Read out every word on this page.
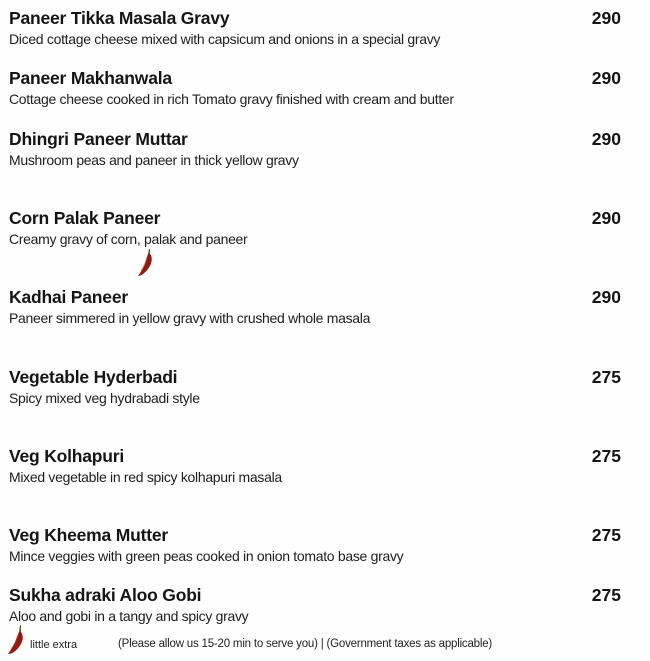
Paneer Tikka Masala Gravy	290
Diced cottage cheese mixed with capsicum and onions in a special gravy
Paneer Makhanwala	290
Cottage cheese cooked in rich Tomato gravy finished with cream and butter
Dhingri Paneer Muttar	290
Mushroom peas and paneer in thick yellow gravy
Corn Palak Paneer	290
Creamy gravy of corn, palak and paneer
Kadhai Paneer	290
Paneer simmered in yellow gravy with crushed whole masala
Vegetable Hyderbadi	275
Spicy mixed veg hydrabadi style
Veg Kolhapuri	275
Mixed vegetable in red spicy kolhapuri masala
Veg Kheema Mutter	275
Mince veggies with green peas cooked in onion tomato base gravy
Sukha adraki Aloo Gobi	275
Aloo and gobi in a tangy and spicy gravy
little extra	(Please allow us 15-20 min to serve you) | (Government taxes as applicable)
